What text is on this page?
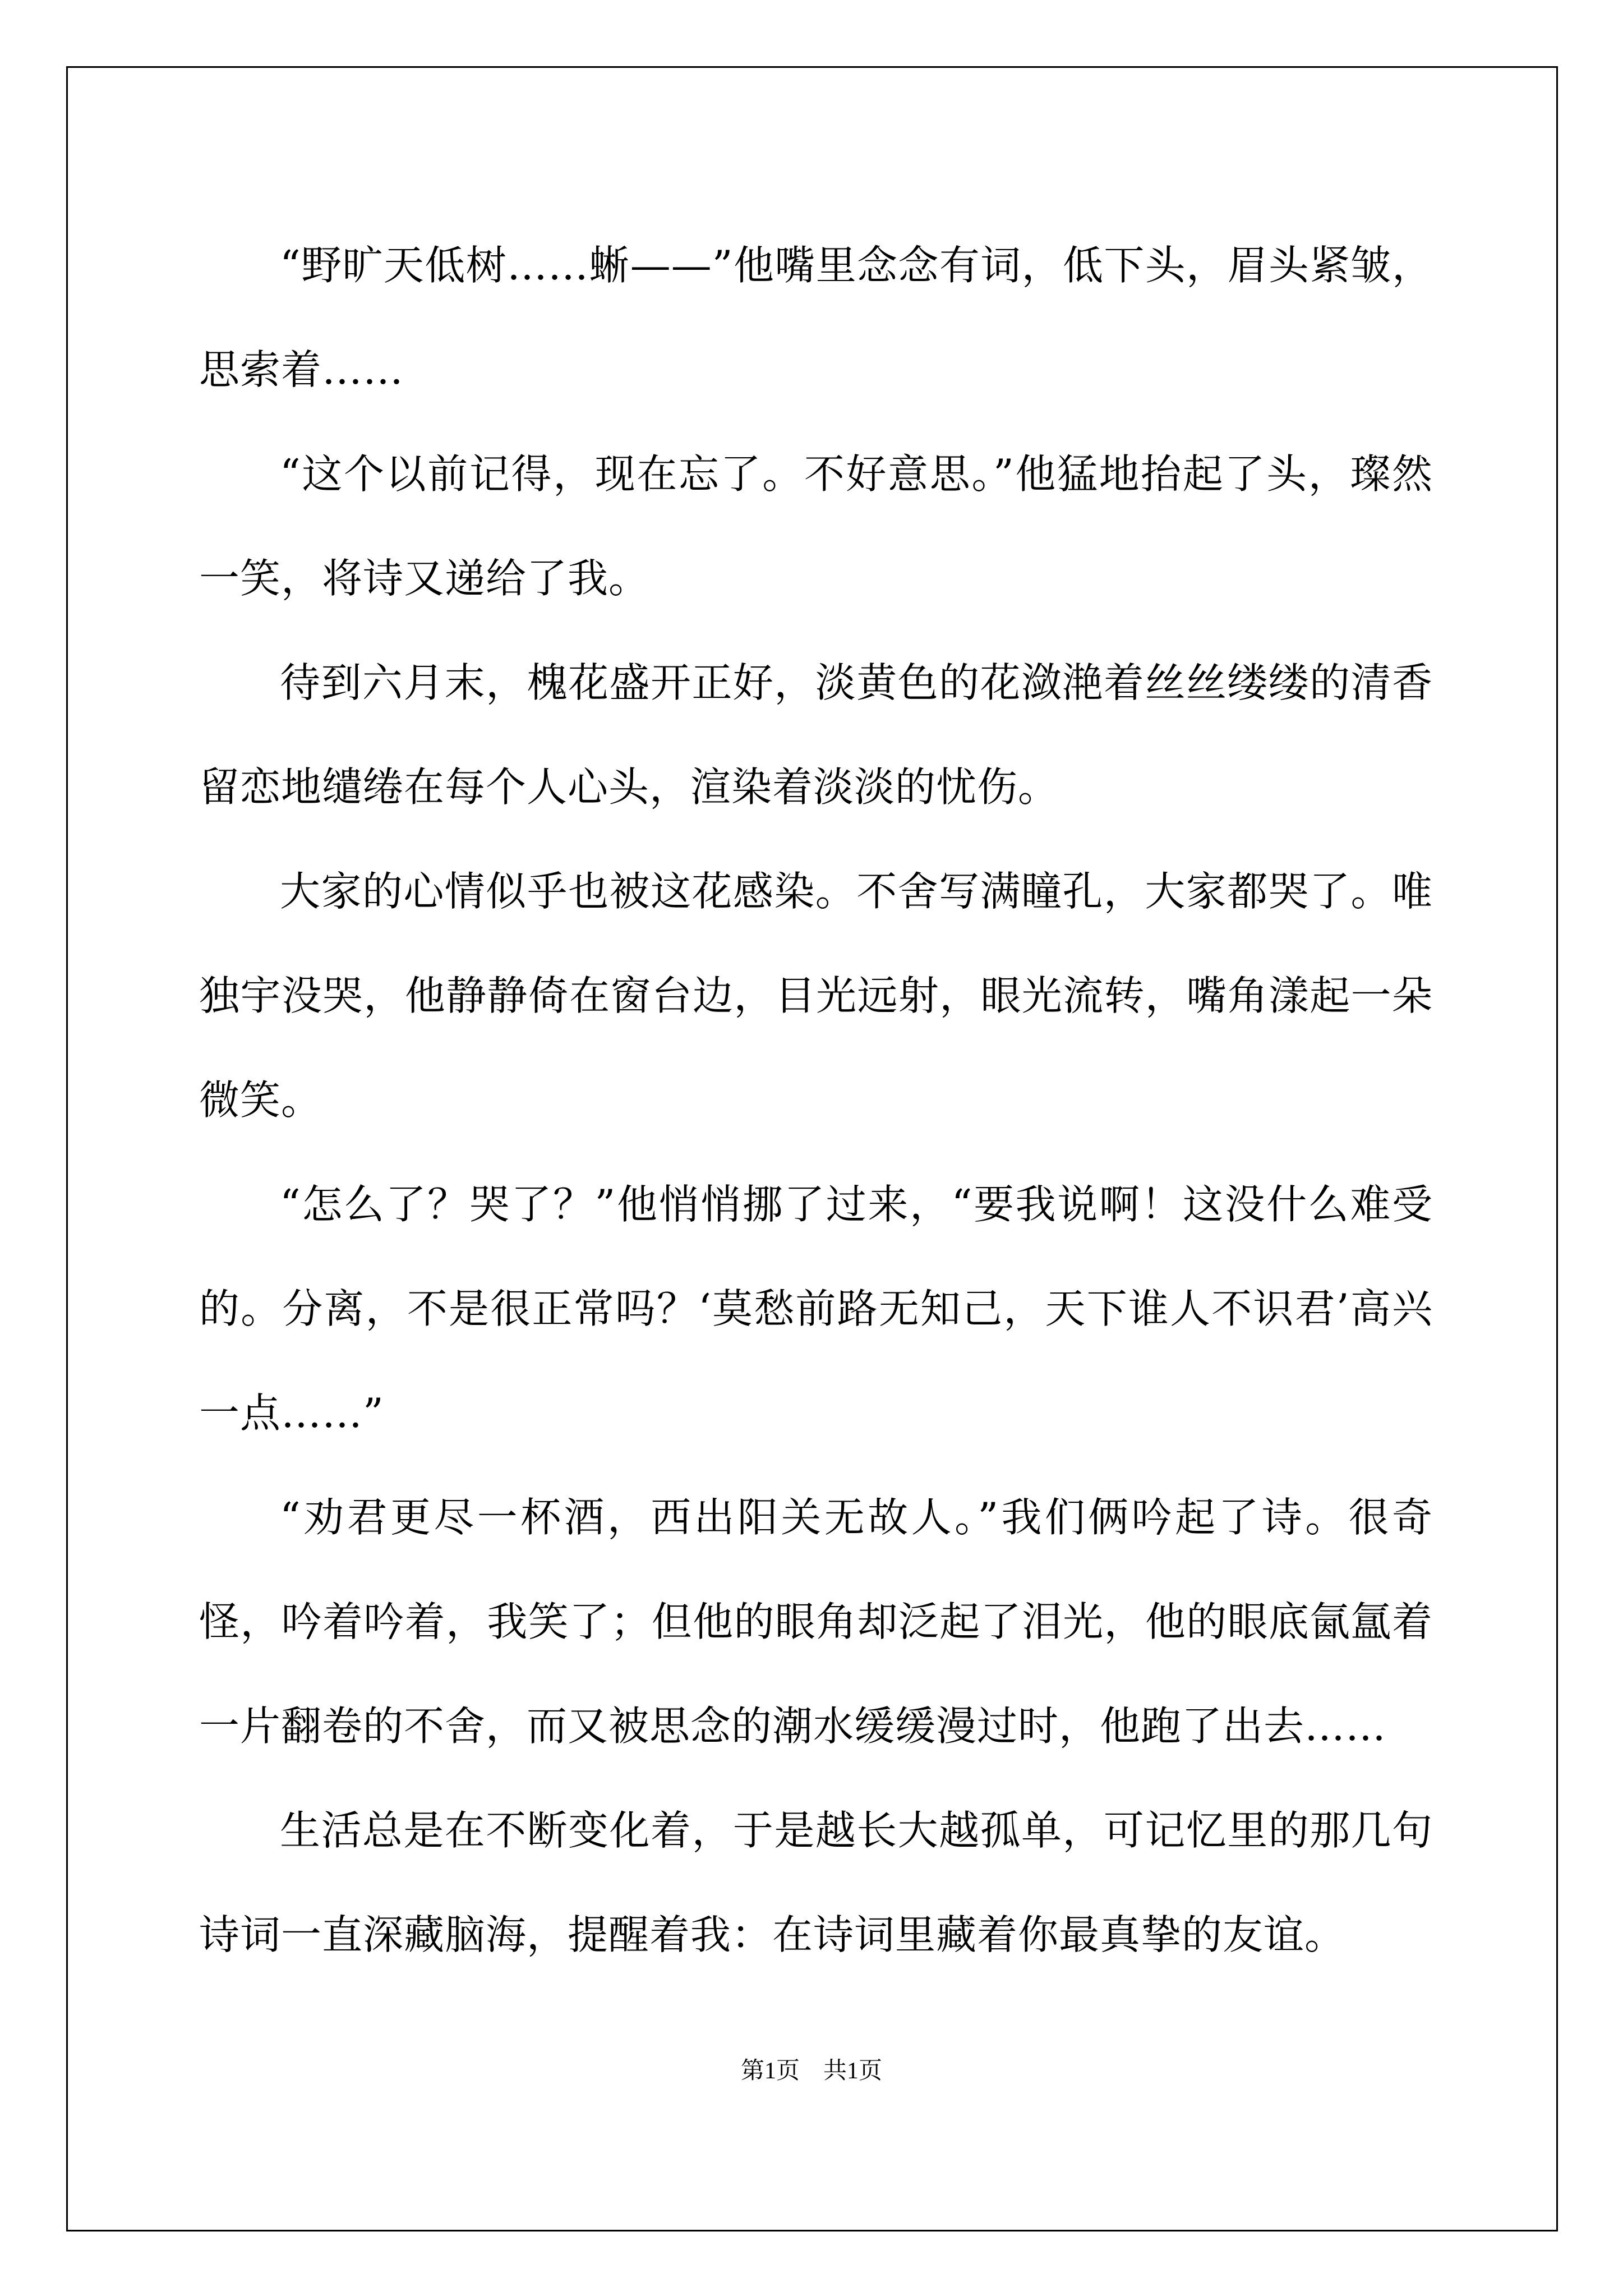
“野旷天低树……蜥——”他嘴里念念有词，低下头，眉头紧皱，思索着……

“这个以前记得，现在忘了。不好意思。”他猛地抬起了头，璨然一笑，将诗又递给了我。

待到六月末，槐花盛开正好，淡黄色的花潋滟着丝丝缕缕的清香留恋地缱绻在每个人心头，渲染着淡淡的忧伤。

大家的心情似乎也被这花感染。不舍写满瞳孔，大家都哭了。唯独宇没哭，他静静倚在窗台边，目光远射，眼光流转，嘴角漾起一朵微笑。

“怎么了？哭了？”他悄悄挪了过来，“要我说啊！这没什么难受的。分离，不是很正常吗？‘莫愁前路无知己，天下谁人不识君’高兴一点……”

“劝君更尽一杯酒，西出阳关无故人。”我们俩吟起了诗。很奇怪，吟着吟着，我笑了；但他的眼角却泛起了泪光，他的眼底氤氲着一片翻卷的不舍，而又被思念的潮水缓缓漫过时，他跑了出去……

生活总是在不断变化着，于是越长大越孤单，可记忆里的那几句诗词一直深藏脑海，提醒着我：在诗词里藏着你最真挚的友谊。

第1页　共1页
